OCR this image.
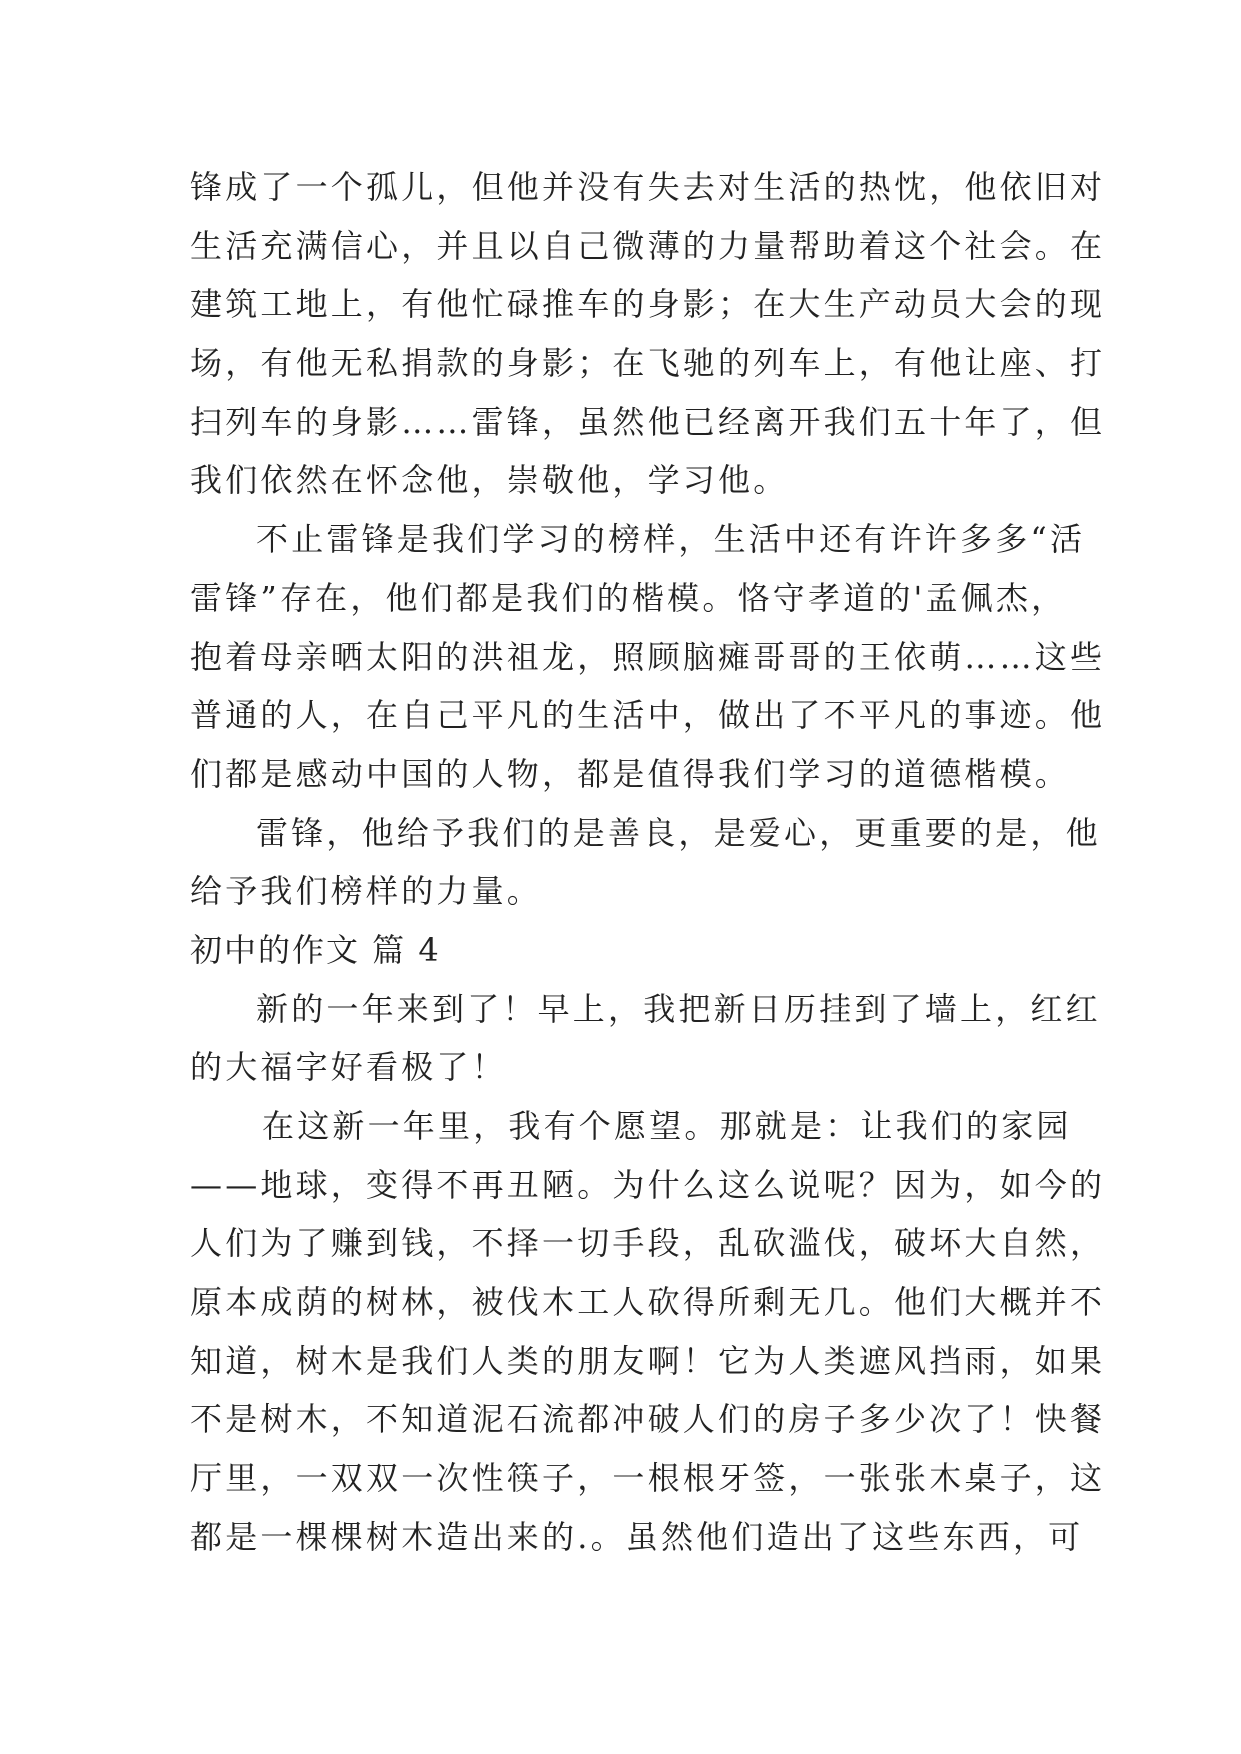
锋成了一个孤儿，但他并没有失去对生活的热忱，他依旧对
生活充满信心，并且以自己微薄的力量帮助着这个社会。在
建筑工地上，有他忙碌推车的身影；在大生产动员大会的现
场，有他无私捐款的身影；在飞驰的列车上，有他让座、打
扫列车的身影……雷锋，虽然他已经离开我们五十年了，但
我们依然在怀念他，崇敬他，学习他。
不止雷锋是我们学习的榜样，生活中还有许许多多“活
雷锋”存在，他们都是我们的楷模。恪守孝道的'孟佩杰，
抱着母亲晒太阳的洪祖龙，照顾脑瘫哥哥的王依萌……这些
普通的人，在自己平凡的生活中，做出了不平凡的事迹。他
们都是感动中国的人物，都是值得我们学习的道德楷模。
雷锋，他给予我们的是善良，是爱心，更重要的是，他
给予我们榜样的力量。
初中的作文 篇 4
新的一年来到了！早上，我把新日历挂到了墙上，红红
的大福字好看极了！
在这新一年里，我有个愿望。那就是：让我们的家园
——地球，变得不再丑陋。为什么这么说呢？因为，如今的
人们为了赚到钱，不择一切手段，乱砍滥伐，破坏大自然，
原本成荫的树林，被伐木工人砍得所剩无几。他们大概并不
知道，树木是我们人类的朋友啊！它为人类遮风挡雨，如果
不是树木，不知道泥石流都冲破人们的房子多少次了！快餐
厅里，一双双一次性筷子，一根根牙签，一张张木桌子，这
都是一棵棵树木造出来的.。虽然他们造出了这些东西，可
